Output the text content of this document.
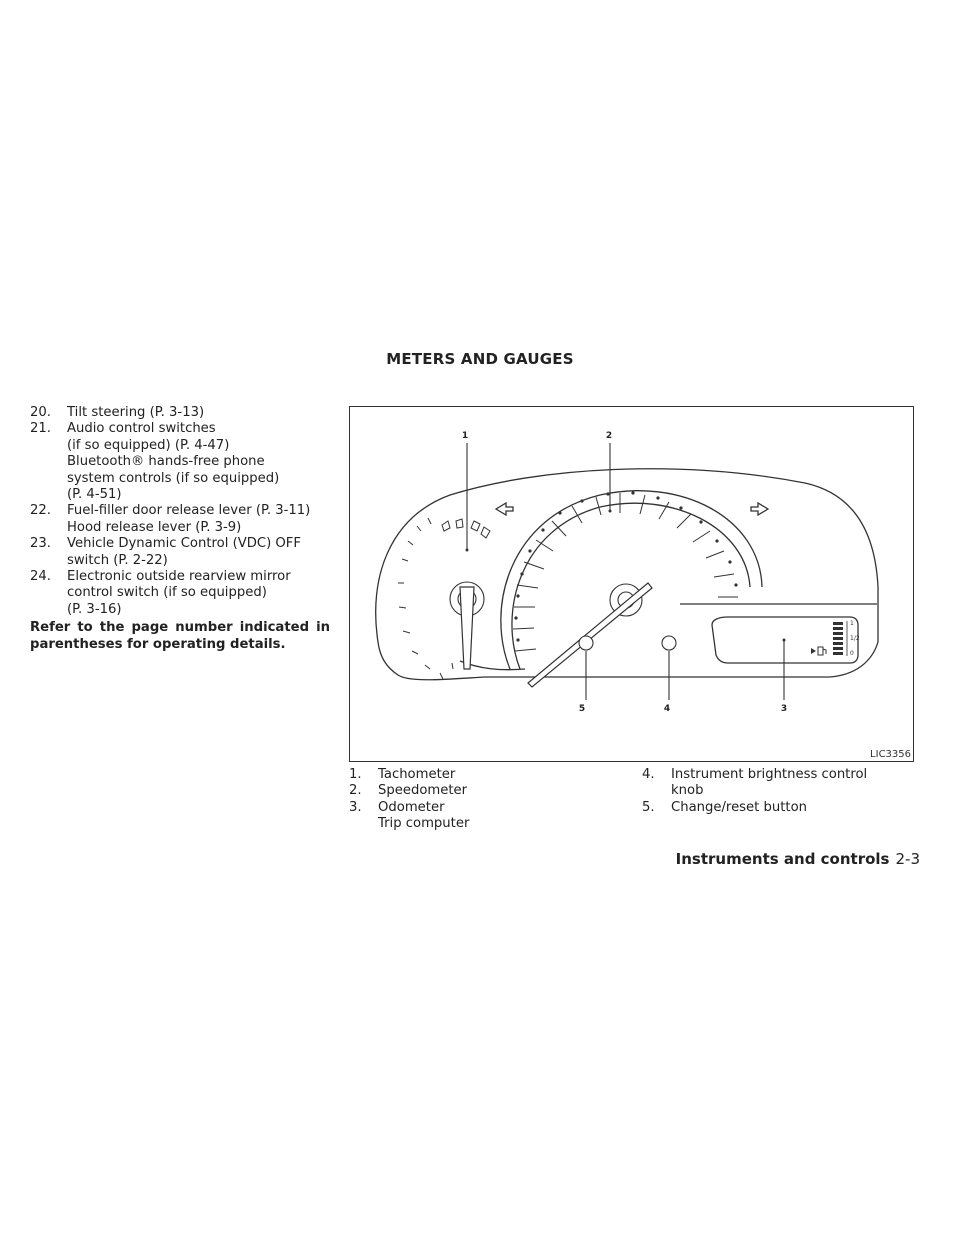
METERS AND GAUGES
20.	Tilt steering (P. 3-13)
21.	Audio control switches
(if so equipped) (P. 4-47)
Bluetooth® hands-free phone
system controls (if so equipped)
(P. 4-51)
22.	Fuel-filler door release lever (P. 3-11)
Hood release lever (P. 3-9)
23.	Vehicle Dynamic Control (VDC) OFF
switch (P. 2-22)
24.	Electronic outside rearview mirror
control switch (if so equipped)
(P. 3-16)
Refer to the page number indicated in parentheses for operating details.
1
1/2
0
1	2
3
4
5
LIC3356
1.	Tachometer
2.	Speedometer
3.	Odometer
Trip computer
4.	Instrument brightness control
knob
5.	Change/reset button
Instruments and controls 2-3
